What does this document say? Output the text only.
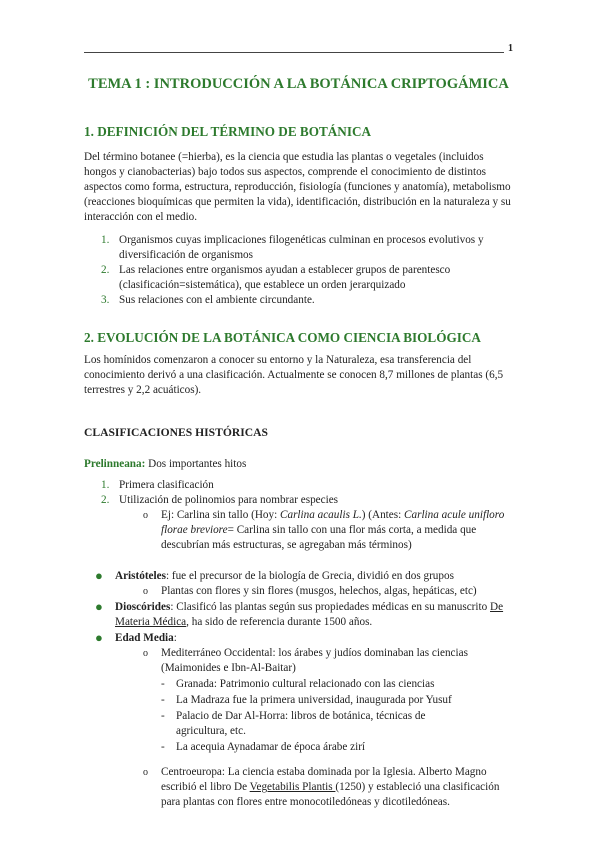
1
TEMA 1 : INTRODUCCIÓN A LA BOTÁNICA CRIPTOGÁMICA
1. DEFINICIÓN DEL TÉRMINO DE BOTÁNICA
Del término botanee (=hierba), es la ciencia que estudia las plantas o vegetales (incluidos hongos y cianobacterias) bajo todos sus aspectos, comprende el conocimiento de distintos aspectos como forma, estructura, reproducción, fisiología (funciones y anatomía), metabolismo (reacciones bioquímicas que permiten la vida), identificación, distribución en la naturaleza y su interacción con el medio.
1. Organismos cuyas implicaciones filogenéticas culminan en procesos evolutivos y diversificación de organismos
2. Las relaciones entre organismos ayudan a establecer grupos de parentesco (clasificación=sistemática), que establece un orden jerarquizado
3. Sus relaciones con el ambiente circundante.
2. EVOLUCIÓN DE LA BOTÁNICA COMO CIENCIA BIOLÓGICA
Los homínidos comenzaron a conocer su entorno y la Naturaleza, esa transferencia del conocimiento derivó a una clasificación. Actualmente se conocen 8,7 millones de plantas (6,5 terrestres y 2,2 acuáticos).
CLASIFICACIONES HISTÓRICAS
Prelinneana: Dos importantes hitos
1. Primera clasificación
2. Utilización de polinomios para nombrar especies
o Ej: Carlina sin tallo (Hoy: Carlina acaulis L.) (Antes: Carlina acule unifloro florae breviore= Carlina sin tallo con una flor más corta, a medida que descubrían más estructuras, se agregaban más términos)
● Aristóteles: fue el precursor de la biología de Grecia, dividió en dos grupos
o Plantas con flores y sin flores (musgos, helechos, algas, hepáticas, etc)
● Dioscórides: Clasificó las plantas según sus propiedades médicas en su manuscrito De Materia Médica, ha sido de referencia durante 1500 años.
● Edad Media:
o Mediterráneo Occidental: los árabes y judíos dominaban las ciencias (Maimonides e Ibn-Al-Baitar)
- Granada: Patrimonio cultural relacionado con las ciencias
- La Madraza fue la primera universidad, inaugurada por Yusuf
- Palacio de Dar Al-Horra: libros de botánica, técnicas de agricultura, etc.
- La acequia Aynadamar de época árabe zirí
o Centroeuropa: La ciencia estaba dominada por la Iglesia. Alberto Magno escribió el libro De Vegetabilis Plantis (1250) y estableció una clasificación para plantas con flores entre monocotiledóneas y dicotiledóneas.
